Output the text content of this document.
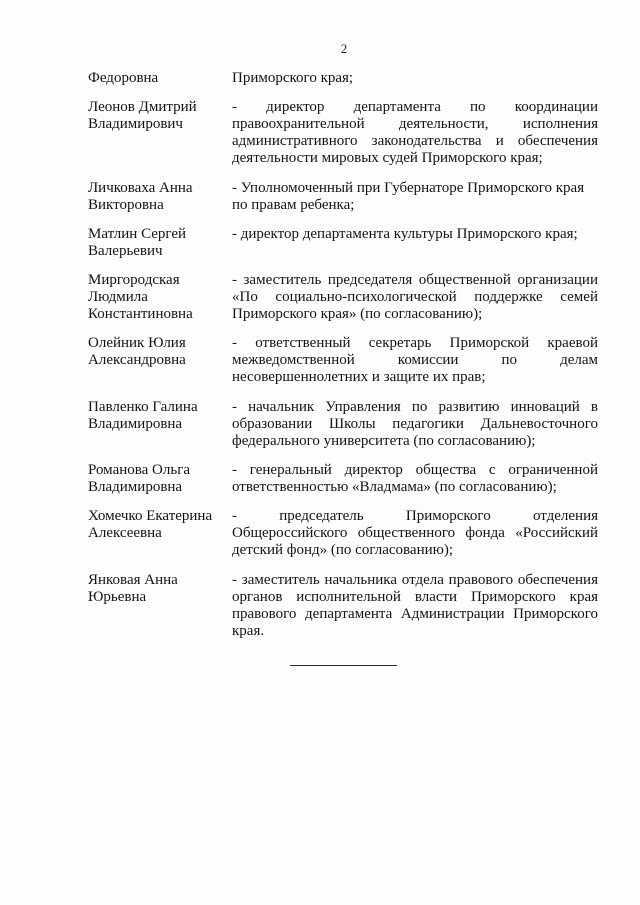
2
Федоровна	Приморского края;
Леонов Дмитрий Владимирович
- директор департамента по координации
правоохранительной деятельности, исполнения
административного законодательства и обеспечения
деятельности мировых судей Приморского края;
Личковаха Анна Викторовна
- Уполномоченный при Губернаторе Приморского края
по правам ребенка;
Матлин Сергей Валерьевич
- директор департамента культуры Приморского края;
Миргородская Людмила Константиновна
- заместитель председателя общественной организации
«По социально-психологической поддержке семей
Приморского края» (по согласованию);
Олейник Юлия Александровна
- ответственный секретарь Приморской краевой
межведомственной комиссии по делам
несовершеннолетних и защите их прав;
Павленко Галина Владимировна
- начальник Управления по развитию инноваций в
образовании Школы педагогики Дальневосточного
федерального университета (по согласованию);
Романова Ольга Владимировна
- генеральный директор общества с ограниченной
ответственностью «Владмама» (по согласованию);
Хомечко Екатерина Алексеевна
- председатель Приморского отделения
Общероссийского общественного фонда «Российский
детский фонд» (по согласованию);
Янковая Анна Юрьевна
- заместитель начальника отдела правового обеспечения
органов исполнительной власти Приморского края
правового департамента Администрации Приморского
края.
